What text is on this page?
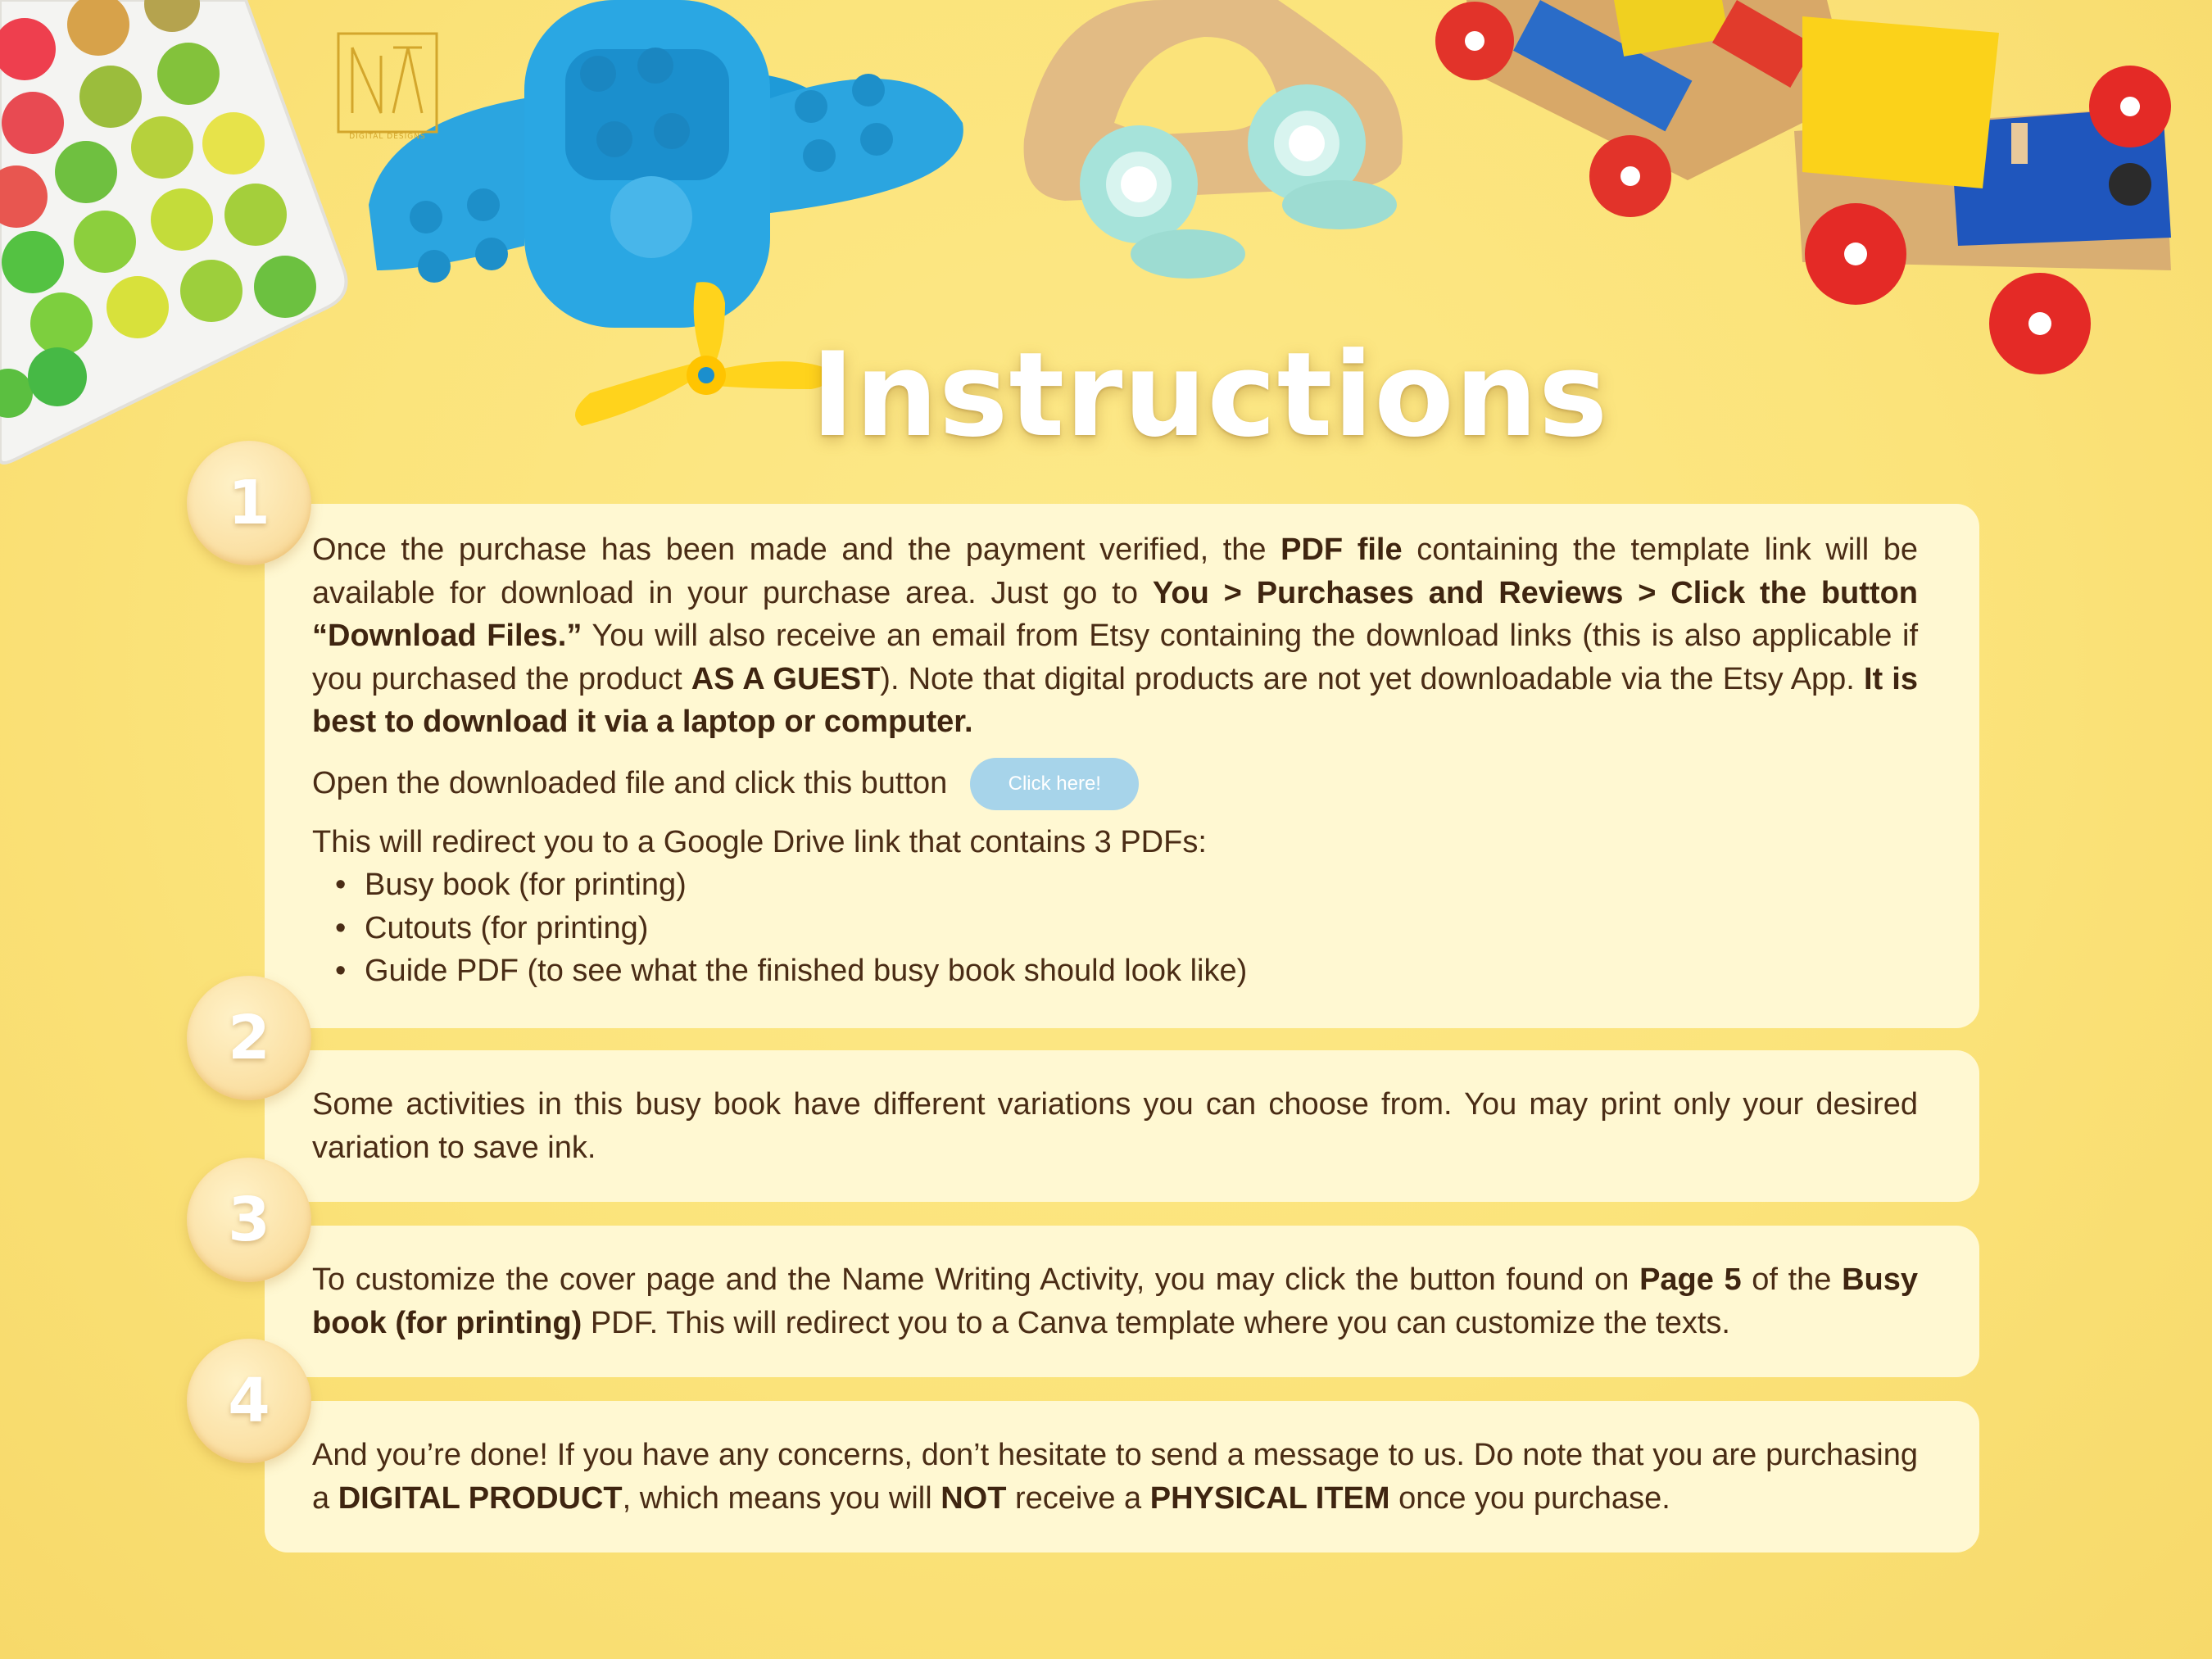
DIGITAL DESIGNS
Instructions

Once the purchase has been made and the payment verified, the PDF file containing the template link will be available for download in your purchase area. Just go to You > Purchases and Reviews > Click the button “Download Files.” You will also receive an email from Etsy containing the download links (this is also applicable if you purchased the product AS A GUEST). Note that digital products are not yet downloadable via the Etsy App. It is best to download it via a laptop or computer.

Open the downloaded file and click this button	Click here!

This will redirect you to a Google Drive link that contains 3 PDFs:

• Busy book (for printing)
• Cutouts (for printing)
• Guide PDF (to see what the finished busy book should look like)

Some activities in this busy book have different variations you can choose from. You may print only your desired variation to save ink.

To customize the cover page and the Name Writing Activity, you may click the button found on Page 5 of the Busy book (for printing) PDF. This will redirect you to a Canva template where you can customize the texts.

And you’re done! If you have any concerns, don’t hesitate to send a message to us. Do note that you are purchasing a DIGITAL PRODUCT, which means you will NOT receive a PHYSICAL ITEM once you purchase.

1
2
3
4
